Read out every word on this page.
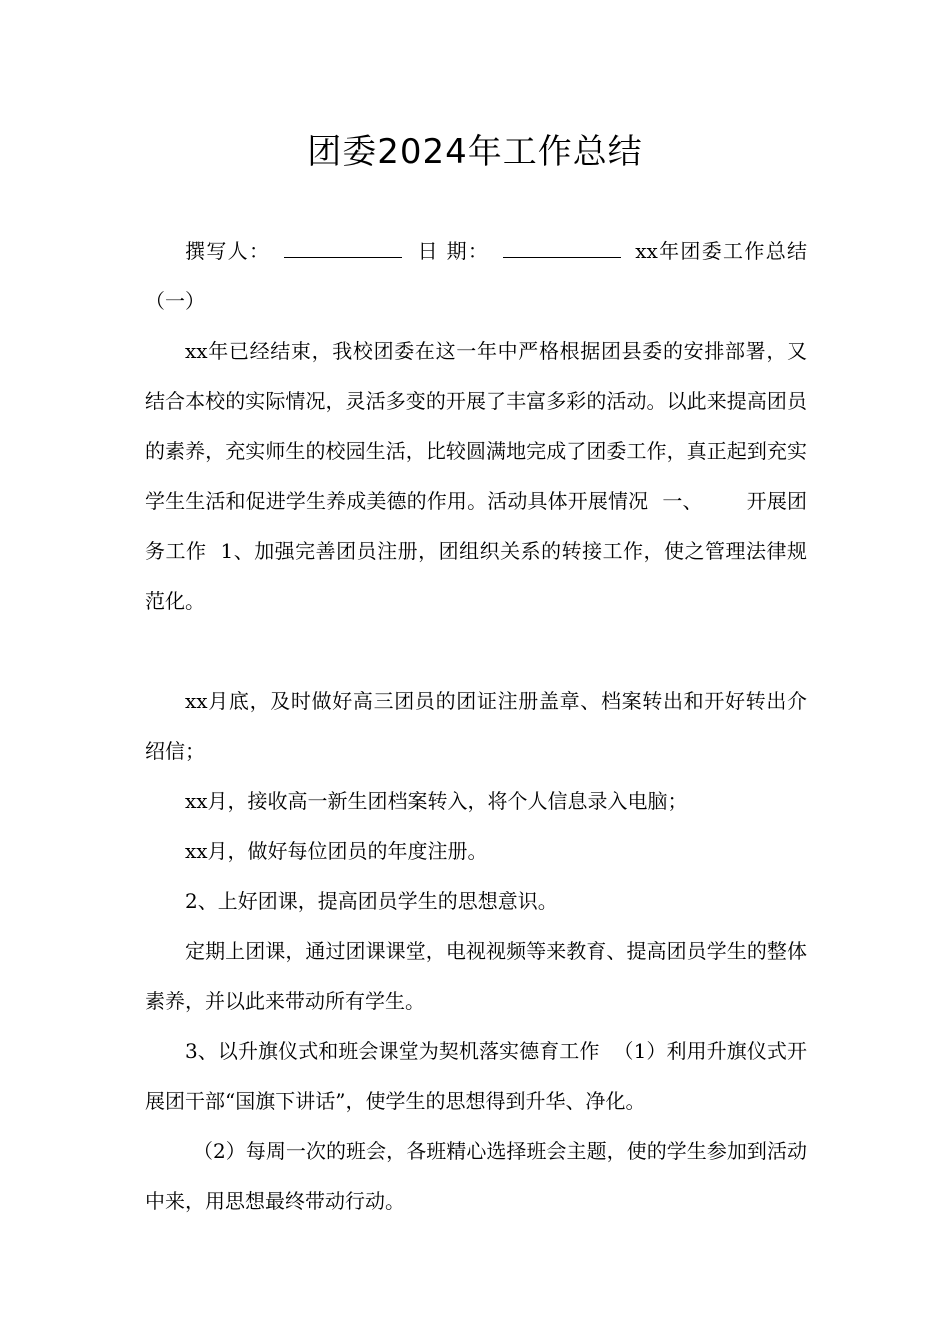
团委2024年工作总结

撰写人：	日 期：	xx年团委工作总结（一）

xx年已经结束，我校团委在这一年中严格根据团县委的安排部署，又结合本校的实际情况，灵活多变的开展了丰富多彩的活动。以此来提高团员的素养，充实师生的校园生活，比较圆满地完成了团委工作，真正起到充实学生生活和促进学生养成美德的作用。活动具体开展情况 一、 开展团务工作 1、加强完善团员注册，团组织关系的转接工作，使之管理法律规范化。

xx月底，及时做好高三团员的团证注册盖章、档案转出和开好转出介绍信；

xx月，接收高一新生团档案转入，将个人信息录入电脑；

xx月，做好每位团员的年度注册。

2、上好团课，提高团员学生的思想意识。

定期上团课，通过团课课堂，电视视频等来教育、提高团员学生的整体素养，并以此来带动所有学生。

3、以升旗仪式和班会课堂为契机落实德育工作 （1）利用升旗仪式开展团干部“国旗下讲话”，使学生的思想得到升华、净化。

（2）每周一次的班会，各班精心选择班会主题，使的学生参加到活动中来，用思想最终带动行动。
